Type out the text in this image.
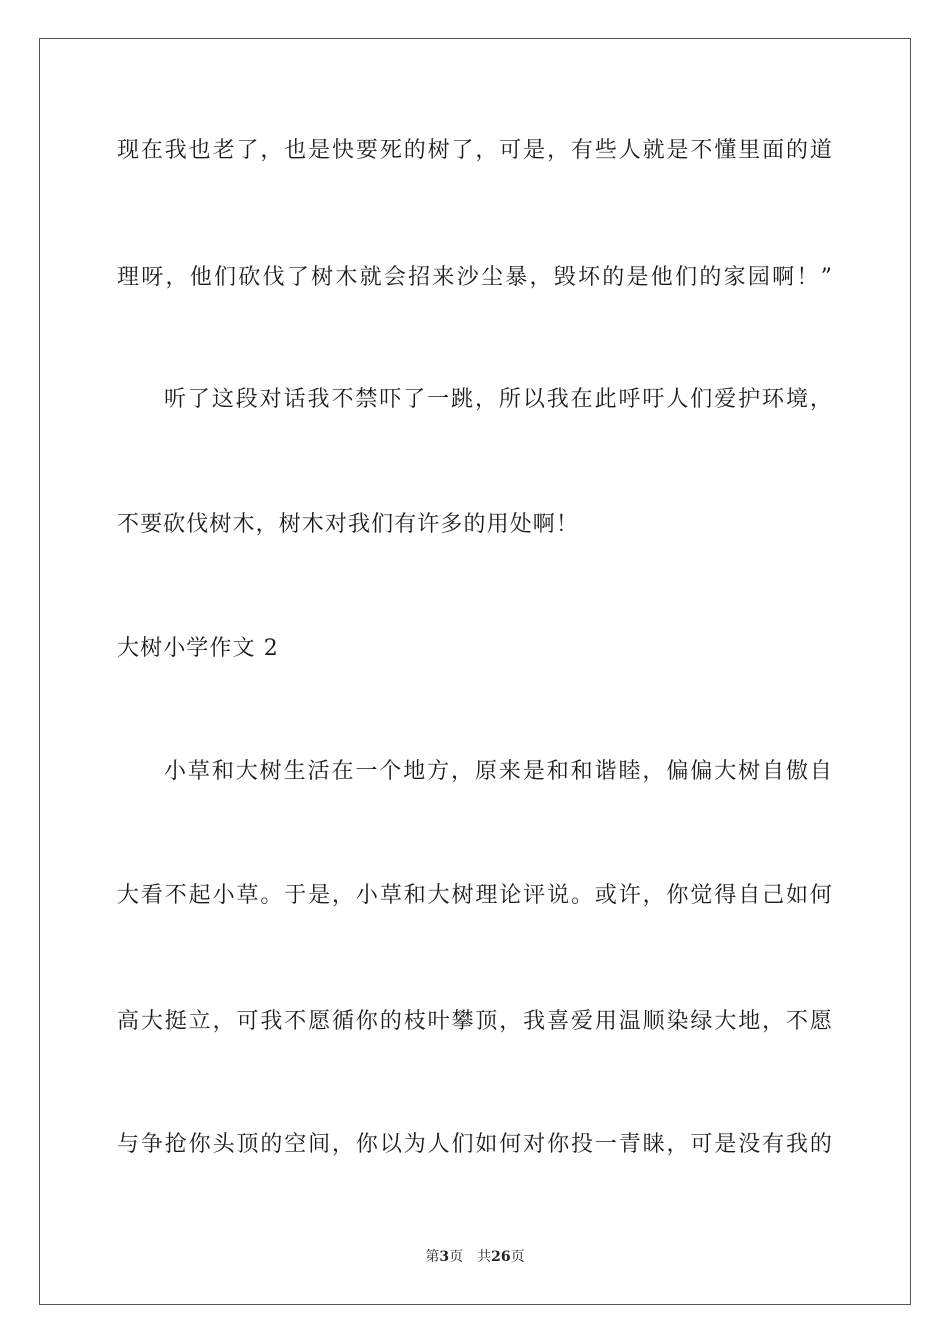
现在我也老了，也是快要死的树了，可是，有些人就是不懂里面的道
理呀，他们砍伐了树木就会招来沙尘暴，毁坏的是他们的家园啊！”
听了这段对话我不禁吓了一跳，所以我在此呼吁人们爱护环境，
不要砍伐树木，树木对我们有许多的用处啊！
大树小学作文 2
小草和大树生活在一个地方，原来是和和谐睦，偏偏大树自傲自
大看不起小草。于是，小草和大树理论评说。或许，你觉得自己如何
高大挺立，可我不愿循你的枝叶攀顶，我喜爱用温顺染绿大地，不愿
与争抢你头顶的空间，你以为人们如何对你投一青睐，可是没有我的
第3页 共26页
